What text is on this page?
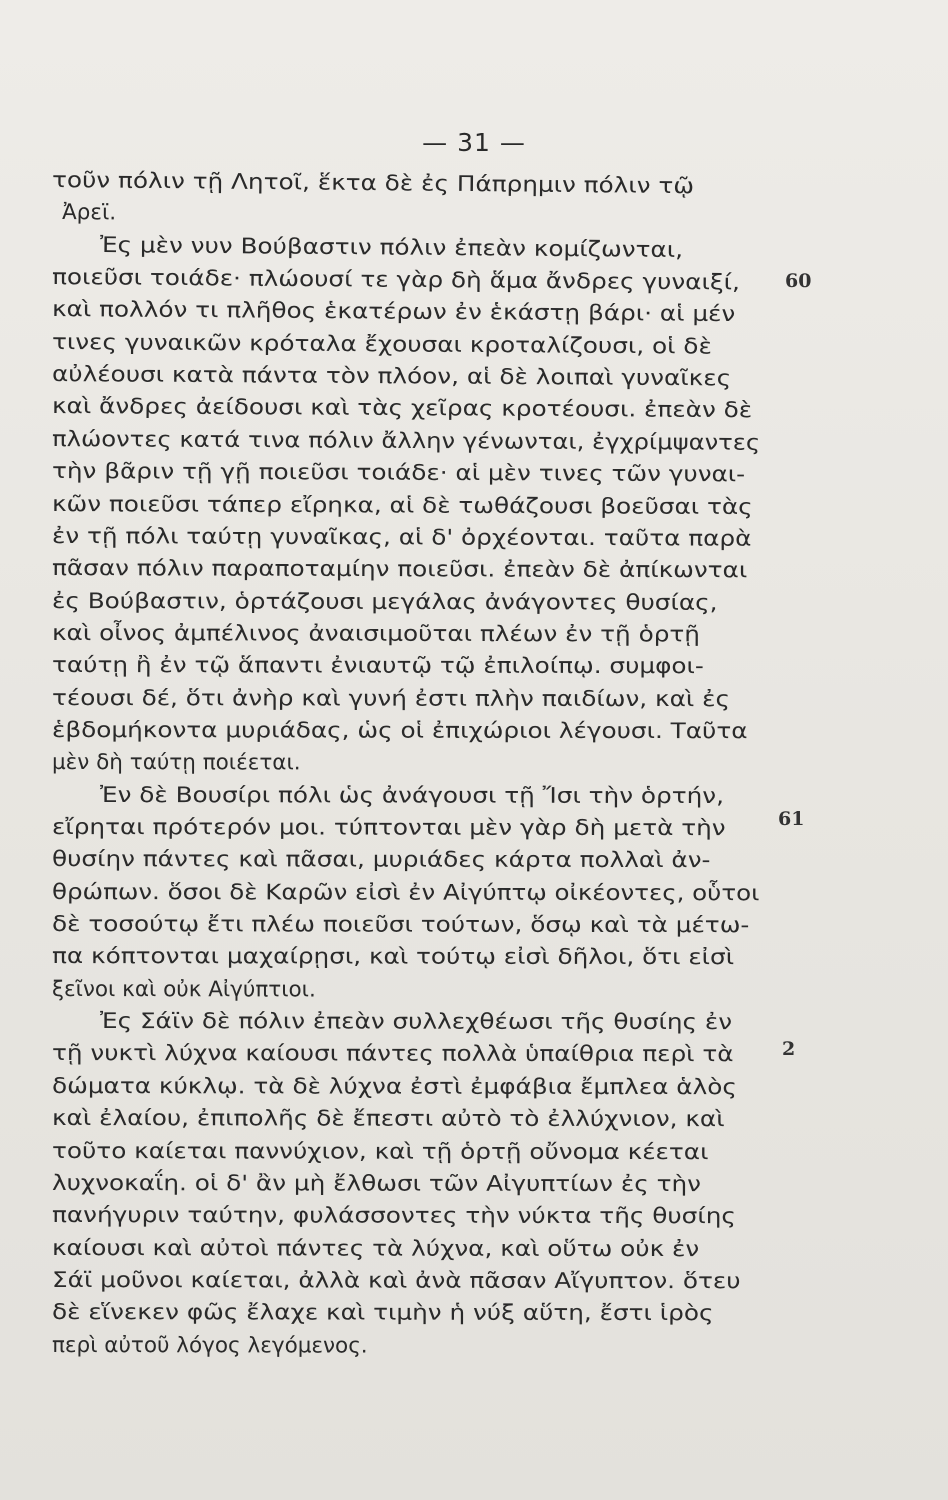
— 31 —
τοῦν πόλιν τῇ Λητοῖ, ἕκτα δὲ ἐς Πάπρημιν πόλιν τῷ
Ἀρεϊ.
Ἐς μὲν νυν Βούβαστιν πόλιν ἐπεὰν κομίζωνται,
ποιεῦσι τοιάδε· πλώουσί τε γὰρ δὴ ἅμα ἄνδρες γυναιξί,
καὶ πολλόν τι πλῆθος ἑκατέρων ἐν ἑκάστῃ βάρι· αἱ μέν
τινες γυναικῶν κρόταλα ἔχουσαι κροταλίζουσι, οἱ δὲ
αὐλέουσι κατὰ πάντα τὸν πλόον, αἱ δὲ λοιπαὶ γυναῖκες
καὶ ἄνδρες ἀείδουσι καὶ τὰς χεῖρας κροτέουσι. ἐπεὰν δὲ
πλώοντες κατά τινα πόλιν ἄλλην γένωνται, ἐγχρίμψαντες
τὴν βᾶριν τῇ γῇ ποιεῦσι τοιάδε· αἱ μὲν τινες τῶν γυναι-
κῶν ποιεῦσι τάπερ εἴρηκα, αἱ δὲ τωθάζουσι βοεῦσαι τὰς
ἐν τῇ πόλι ταύτῃ γυναῖκας, αἱ δ' ὀρχέονται. ταῦτα παρὰ
πᾶσαν πόλιν παραποταμίην ποιεῦσι. ἐπεὰν δὲ ἀπίκωνται
ἐς Βούβαστιν, ὁρτάζουσι μεγάλας ἀνάγοντες θυσίας,
καὶ οἶνος ἀμπέλινος ἀναισιμοῦται πλέων ἐν τῇ ὁρτῇ
ταύτῃ ἢ ἐν τῷ ἅπαντι ἐνιαυτῷ τῷ ἐπιλοίπῳ. συμφοι-
τέουσι δέ, ὅτι ἀνὴρ καὶ γυνή ἐστι πλὴν παιδίων, καὶ ἐς
ἑβδομήκοντα μυριάδας, ὡς οἱ ἐπιχώριοι λέγουσι. Ταῦτα
μὲν δὴ ταύτῃ ποιέεται.
Ἐν δὲ Βουσίρι πόλι ὡς ἀνάγουσι τῇ Ἴσι τὴν ὁρτήν,
εἴρηται πρότερόν μοι. τύπτονται μὲν γὰρ δὴ μετὰ τὴν
θυσίην πάντες καὶ πᾶσαι, μυριάδες κάρτα πολλαὶ ἀν-
θρώπων. ὅσοι δὲ Καρῶν εἰσὶ ἐν Αἰγύπτῳ οἰκέοντες, οὗτοι
δὲ τοσούτῳ ἔτι πλέω ποιεῦσι τούτων, ὅσῳ καὶ τὰ μέτω-
πα κόπτονται μαχαίρῃσι, καὶ τούτῳ εἰσὶ δῆλοι, ὅτι εἰσὶ
ξεῖνοι καὶ οὐκ Αἰγύπτιοι.
Ἐς Σάϊν δὲ πόλιν ἐπεὰν συλλεχθέωσι τῆς θυσίης ἐν
τῇ νυκτὶ λύχνα καίουσι πάντες πολλὰ ὑπαίθρια περὶ τὰ
δώματα κύκλῳ. τὰ δὲ λύχνα ἐστὶ ἐμφάβια ἔμπλεα ἁλὸς
καὶ ἐλαίου, ἐπιπολῆς δὲ ἔπεστι αὐτὸ τὸ ἐλλύχνιον, καὶ
τοῦτο καίεται παννύχιον, καὶ τῇ ὁρτῇ οὔνομα κέεται
λυχνοκαΐη. οἱ δ' ἂν μὴ ἔλθωσι τῶν Αἰγυπτίων ἐς τὴν
πανήγυριν ταύτην, φυλάσσοντες τὴν νύκτα τῆς θυσίης
καίουσι καὶ αὐτοὶ πάντες τὰ λύχνα, καὶ οὕτω οὐκ ἐν
Σάϊ μοῦνοι καίεται, ἀλλὰ καὶ ἀνὰ πᾶσαν Αἴγυπτον. ὅτευ
δὲ εἵνεκεν φῶς ἔλαχε καὶ τιμὴν ἡ νύξ αὕτη, ἔστι ἱρὸς
περὶ αὐτοῦ λόγος λεγόμενος.
60
61
2
